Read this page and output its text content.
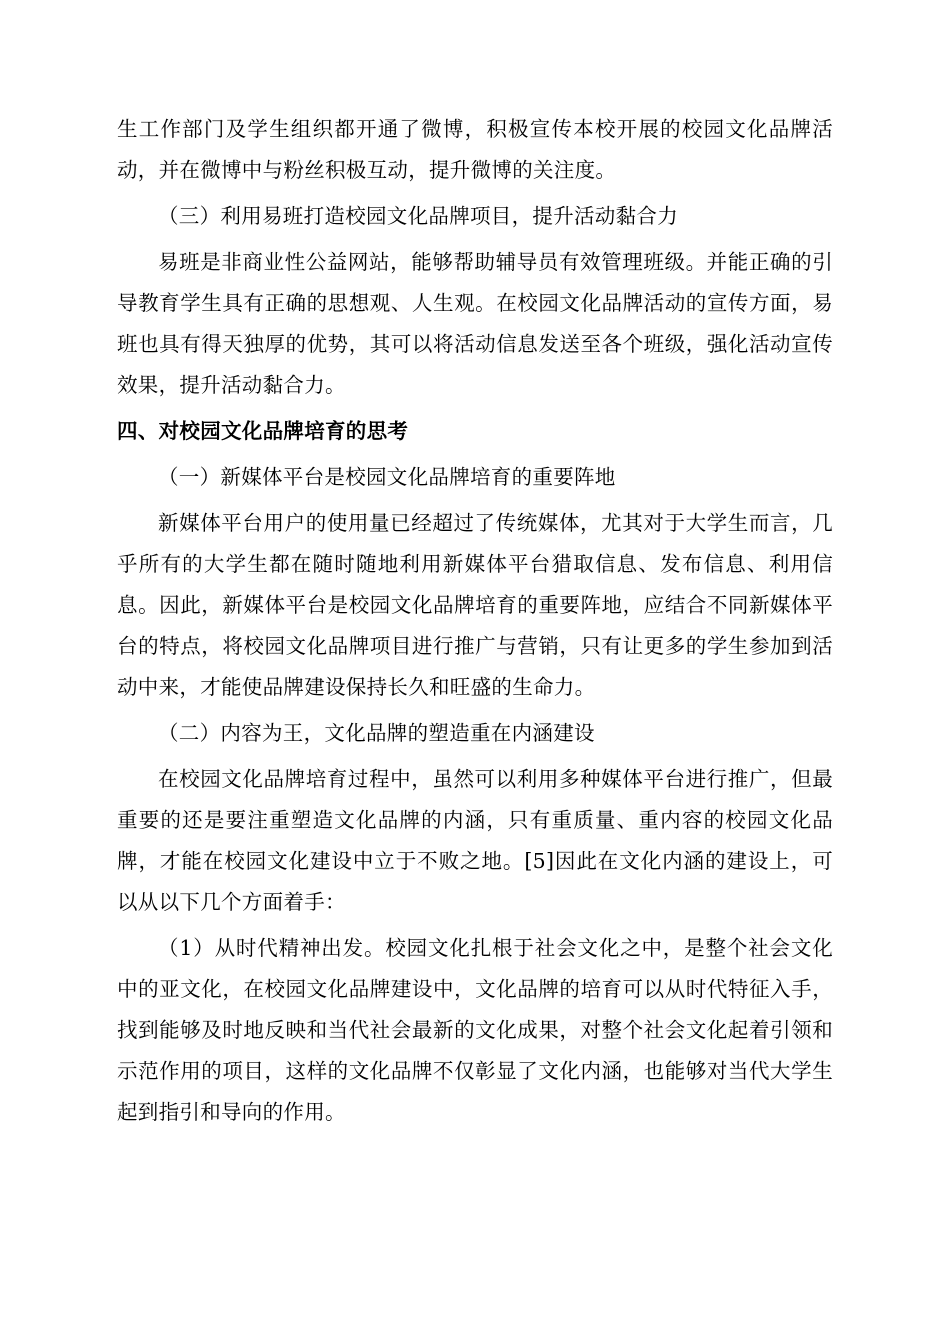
生工作部门及学生组织都开通了微博，积极宣传本校开展的校园文化品牌活动，并在微博中与粉丝积极互动，提升微博的关注度。

（三）利用易班打造校园文化品牌项目，提升活动黏合力

易班是非商业性公益网站，能够帮助辅导员有效管理班级。并能正确的引导教育学生具有正确的思想观、人生观。在校园文化品牌活动的宣传方面，易班也具有得天独厚的优势，其可以将活动信息发送至各个班级，强化活动宣传效果，提升活动黏合力。

四、对校园文化品牌培育的思考

（一）新媒体平台是校园文化品牌培育的重要阵地

新媒体平台用户的使用量已经超过了传统媒体，尤其对于大学生而言，几乎所有的大学生都在随时随地利用新媒体平台猎取信息、发布信息、利用信息。因此，新媒体平台是校园文化品牌培育的重要阵地，应结合不同新媒体平台的特点，将校园文化品牌项目进行推广与营销，只有让更多的学生参加到活动中来，才能使品牌建设保持长久和旺盛的生命力。

（二）内容为王，文化品牌的塑造重在内涵建设

在校园文化品牌培育过程中，虽然可以利用多种媒体平台进行推广，但最重要的还是要注重塑造文化品牌的内涵，只有重质量、重内容的校园文化品牌，才能在校园文化建设中立于不败之地。[5]因此在文化内涵的建设上，可以从以下几个方面着手：

（1）从时代精神出发。校园文化扎根于社会文化之中，是整个社会文化中的亚文化，在校园文化品牌建设中，文化品牌的培育可以从时代特征入手，找到能够及时地反映和当代社会最新的文化成果，对整个社会文化起着引领和示范作用的项目，这样的文化品牌不仅彰显了文化内涵，也能够对当代大学生起到指引和导向的作用。
